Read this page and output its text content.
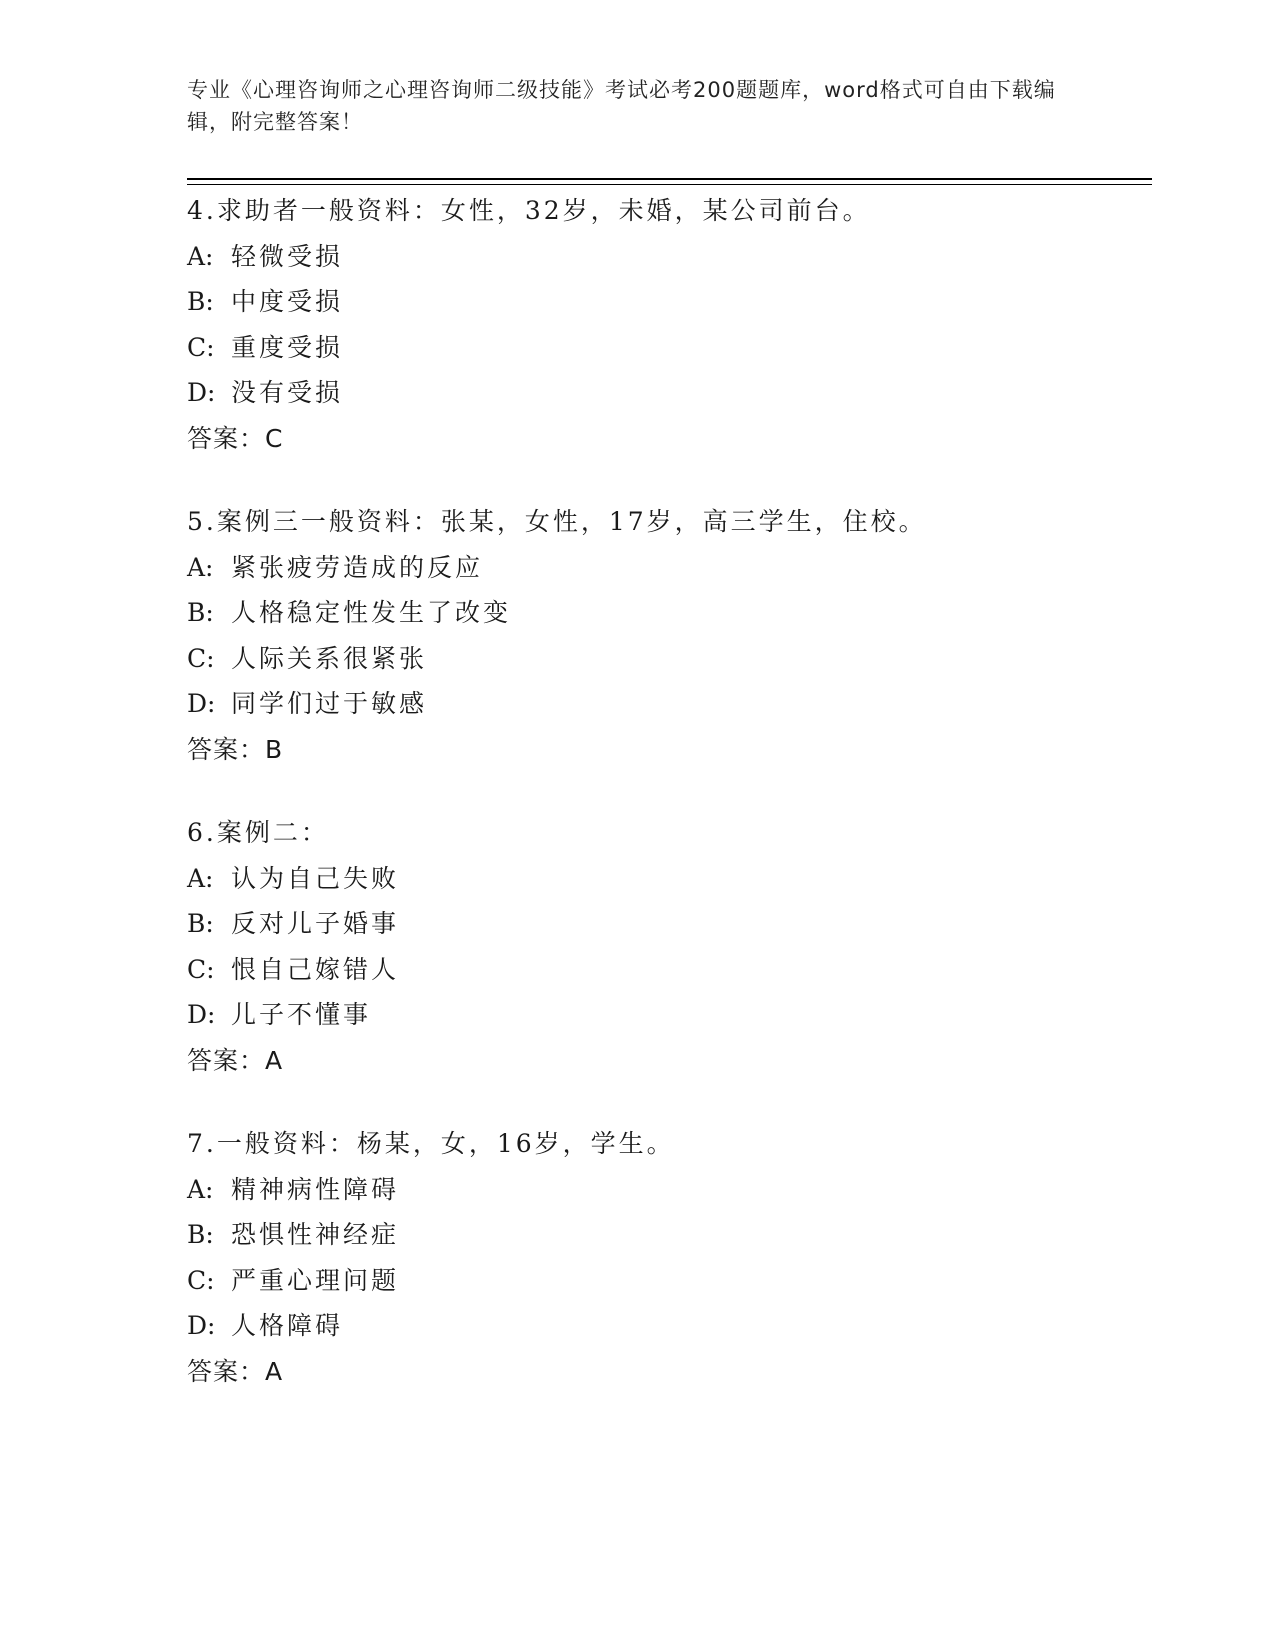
专业《心理咨询师之心理咨询师二级技能》考试必考200题题库，word格式可自由下载编辑，附完整答案！
4.求助者一般资料：女性，32岁，未婚，某公司前台。
A: 轻微受损
B: 中度受损
C: 重度受损
D: 没有受损
答案：C
5.案例三一般资料：张某，女性，17岁，高三学生，住校。
A: 紧张疲劳造成的反应
B: 人格稳定性发生了改变
C: 人际关系很紧张
D: 同学们过于敏感
答案：B
6.案例二：
A: 认为自己失败
B: 反对儿子婚事
C: 恨自己嫁错人
D: 儿子不懂事
答案：A
7.一般资料：杨某，女，16岁，学生。
A: 精神病性障碍
B: 恐惧性神经症
C: 严重心理问题
D: 人格障碍
答案：A
